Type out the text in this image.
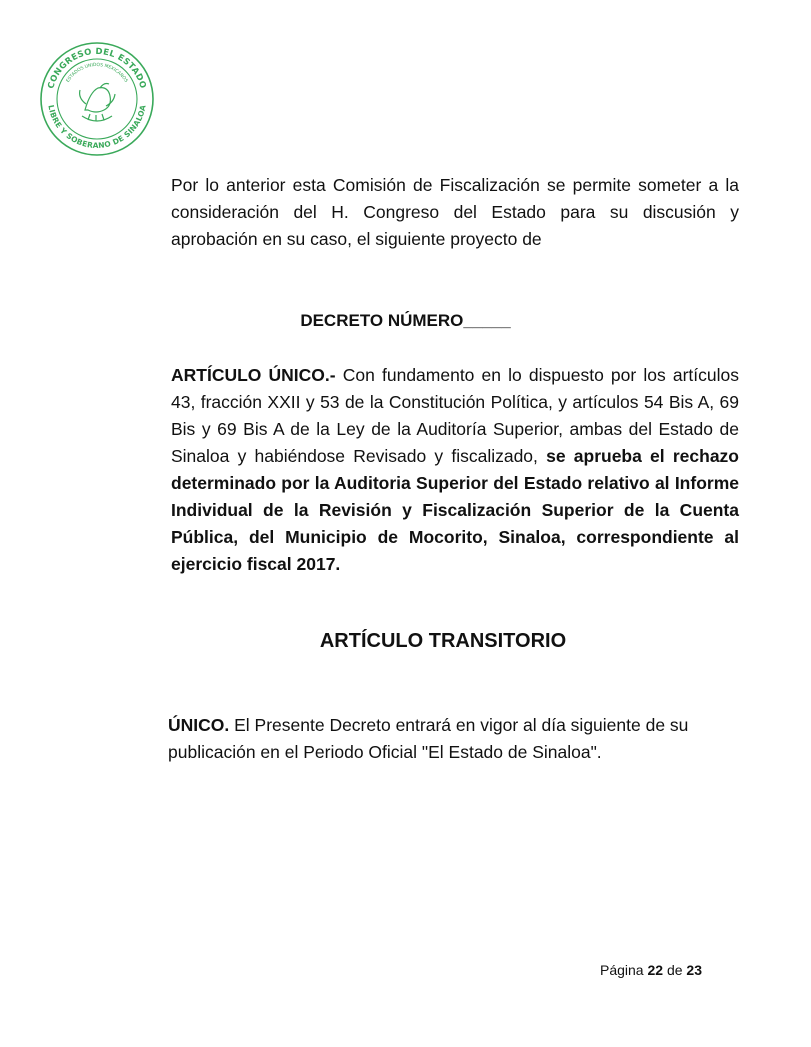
CONGRESO DEL ESTADO
LIBRE Y SOBERANO DE SINALOA
ESTADOS UNIDOS MEXICANOS

Por lo anterior esta Comisión de Fiscalización se permite someter a la consideración del H. Congreso del Estado para su discusión y aprobación en su caso, el siguiente proyecto de

DECRETO NÚMERO_____

ARTÍCULO ÚNICO.- Con fundamento en lo dispuesto por los artículos 43, fracción XXII y 53 de la Constitución Política, y artículos 54 Bis A, 69 Bis y 69 Bis A de la Ley de la Auditoría Superior, ambas del Estado de Sinaloa y habiéndose Revisado y fiscalizado, se aprueba el rechazo determinado por la Auditoria Superior del Estado relativo al Informe Individual de la Revisión y Fiscalización Superior de la Cuenta Pública, del Municipio de Mocorito, Sinaloa, correspondiente al ejercicio fiscal 2017.

ARTÍCULO TRANSITORIO

ÚNICO. El Presente Decreto entrará en vigor al día siguiente de su publicación en el Periodo Oficial "El Estado de Sinaloa".

Página 22 de 23
